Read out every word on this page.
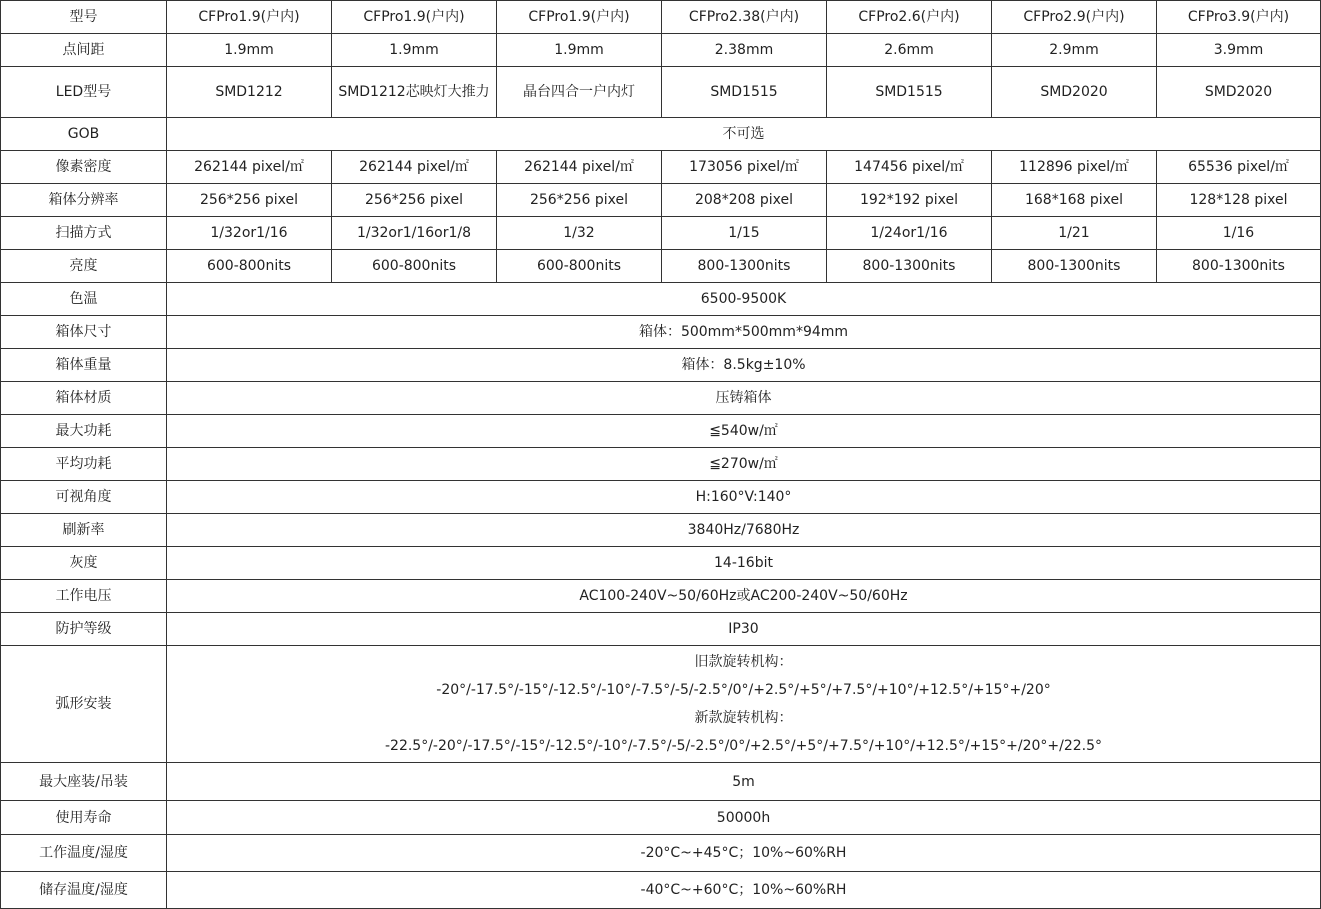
型号	CFPro1.9(户内)	CFPro1.9(户内)	CFPro1.9(户内)	CFPro2.38(户内)	CFPro2.6(户内)	CFPro2.9(户内)	CFPro3.9(户内)
点间距	1.9mm	1.9mm	1.9mm	2.38mm	2.6mm	2.9mm	3.9mm
LED型号	SMD1212	SMD1212芯映灯大推力	晶台四合一户内灯	SMD1515	SMD1515	SMD2020	SMD2020
GOB	不可选						
像素密度	262144 pixel/㎡	262144 pixel/㎡	262144 pixel/㎡	173056 pixel/㎡	147456 pixel/㎡	112896 pixel/㎡	65536 pixel/㎡
箱体分辨率	256*256 pixel	256*256 pixel	256*256 pixel	208*208 pixel	192*192 pixel	168*168 pixel	128*128 pixel
扫描方式	1/32or1/16	1/32or1/16or1/8	1/32	1/15	1/24or1/16	1/21	1/16
亮度	600-800nits	600-800nits	600-800nits	800-1300nits	800-1300nits	800-1300nits	800-1300nits
色温	6500-9500K						
箱体尺寸	箱体：500mm*500mm*94mm						
箱体重量	箱体：8.5kg±10%						
箱体材质	压铸箱体						
最大功耗	≦540w/㎡						
平均功耗	≦270w/㎡						
可视角度	H:160°V:140°						
刷新率	3840Hz/7680Hz						
灰度	14-16bit						
工作电压	AC100-240V~50/60Hz或AC200-240V~50/60Hz						
防护等级	IP30						
弧形安装	旧款旋转机构：
-20°/-17.5°/-15°/-12.5°/-10°/-7.5°/-5/-2.5°/0°/+2.5°/+5°/+7.5°/+10°/+12.5°/+15°+/20°
新款旋转机构：
-22.5°/-20°/-17.5°/-15°/-12.5°/-10°/-7.5°/-5/-2.5°/0°/+2.5°/+5°/+7.5°/+10°/+12.5°/+15°+/20°+/22.5°						

最大座装/吊装	5m						
使用寿命	50000h						
工作温度/湿度	-20°C~+45°C；10%~60%RH						
储存温度/湿度	-40°C~+60°C；10%~60%RH						
